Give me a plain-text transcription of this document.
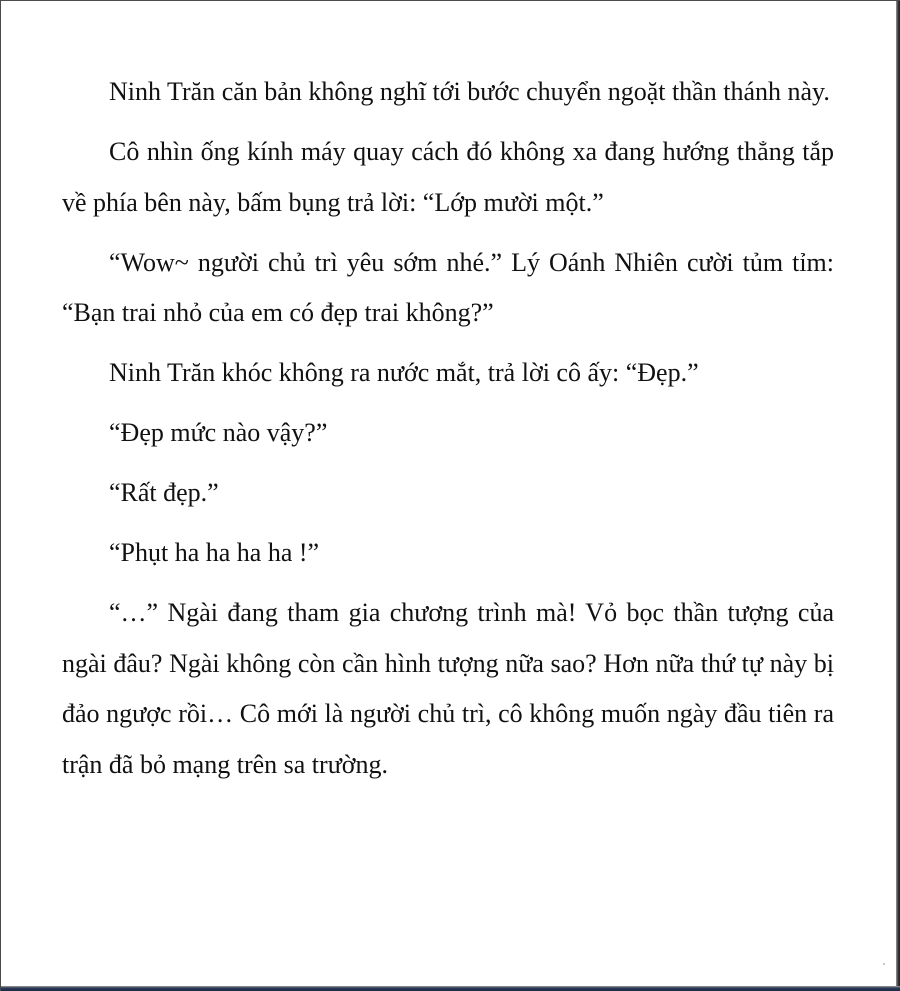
Ninh Trăn căn bản không nghĩ tới bước chuyển ngoặt thần thánh này.

Cô nhìn ống kính máy quay cách đó không xa đang hướng thẳng tắp về phía bên này, bấm bụng trả lời: “Lớp mười một.”

“Wow~ người chủ trì yêu sớm nhé.” Lý Oánh Nhiên cười tủm tỉm: “Bạn trai nhỏ của em có đẹp trai không?”

Ninh Trăn khóc không ra nước mắt, trả lời cô ấy: “Đẹp.”

“Đẹp mức nào vậy?”

“Rất đẹp.”

“Phụt ha ha ha ha !”

“…” Ngài đang tham gia chương trình mà! Vỏ bọc thần tượng của ngài đâu? Ngài không còn cần hình tượng nữa sao? Hơn nữa thứ tự này bị đảo ngược rồi… Cô mới là người chủ trì, cô không muốn ngày đầu tiên ra trận đã bỏ mạng trên sa trường.
